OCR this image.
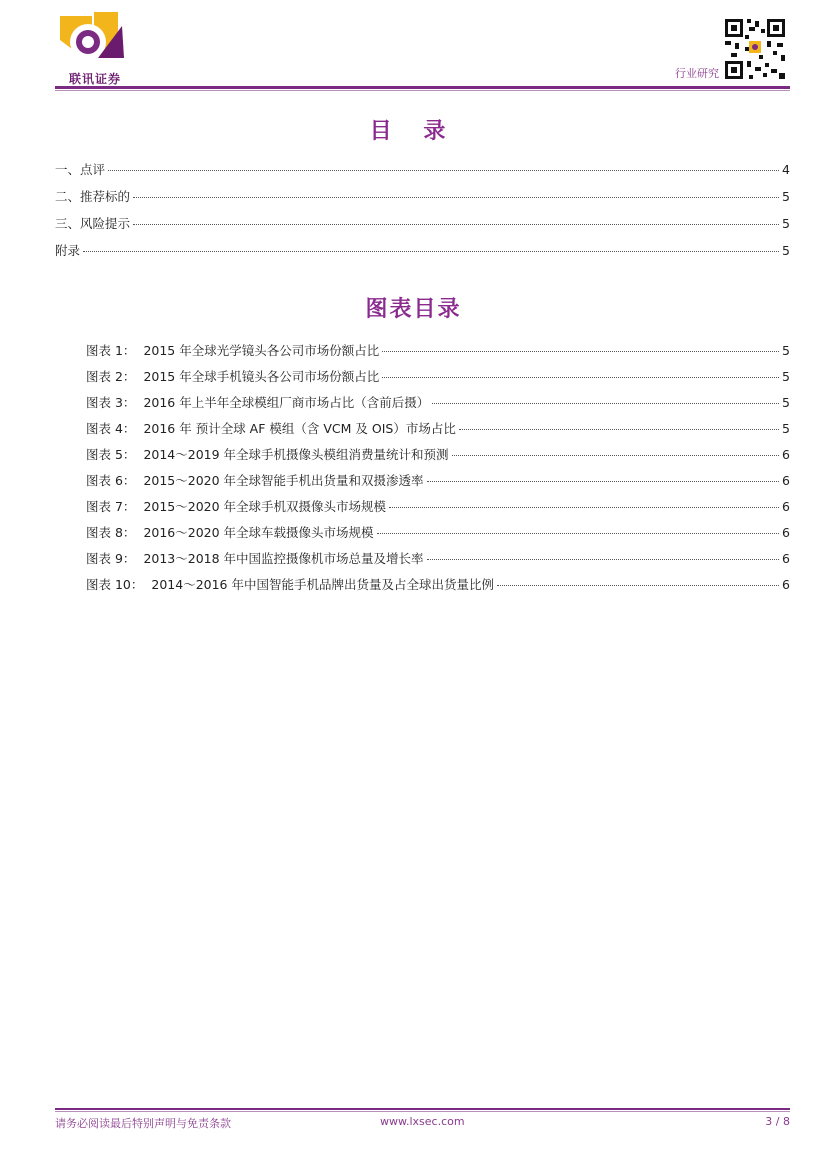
联讯证券	行业研究
目 录
一、点评	4
二、推荐标的	5
三、风险提示	5
附录	5
图表目录
图表 1： 2015 年全球光学镜头各公司市场份额占比	5
图表 2： 2015 年全球手机镜头各公司市场份额占比	5
图表 3： 2016 年上半年全球模组厂商市场占比（含前后摄）	5
图表 4： 2016 年 预计全球 AF 模组（含 VCM 及 OIS）市场占比	5
图表 5： 2014～2019 年全球手机摄像头模组消费量统计和预测	6
图表 6： 2015～2020 年全球智能手机出货量和双摄渗透率	6
图表 7： 2015～2020 年全球手机双摄像头市场规模	6
图表 8： 2016～2020 年全球车载摄像头市场规模	6
图表 9： 2013～2018 年中国监控摄像机市场总量及增长率	6
图表 10： 2014～2016 年中国智能手机品牌出货量及占全球出货量比例	6
请务必阅读最后特别声明与免责条款	www.lxsec.com	3 / 8
